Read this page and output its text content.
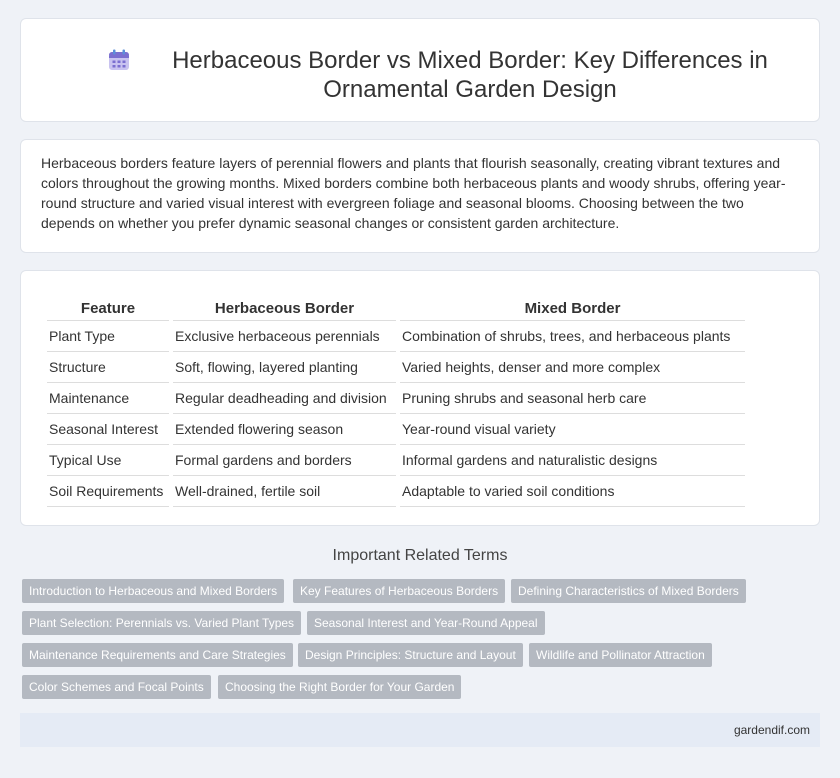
Herbaceous Border vs Mixed Border: Key Differences in Ornamental Garden Design

Herbaceous borders feature layers of perennial flowers and plants that flourish seasonally, creating vibrant textures and colors throughout the growing months. Mixed borders combine both herbaceous plants and woody shrubs, offering year-round structure and varied visual interest with evergreen foliage and seasonal blooms. Choosing between the two depends on whether you prefer dynamic seasonal changes or consistent garden architecture.

Feature	Herbaceous Border	Mixed Border
Plant Type	Exclusive herbaceous perennials	Combination of shrubs, trees, and herbaceous plants
Structure	Soft, flowing, layered planting	Varied heights, denser and more complex
Maintenance	Regular deadheading and division	Pruning shrubs and seasonal herb care
Seasonal Interest	Extended flowering season	Year-round visual variety
Typical Use	Formal gardens and borders	Informal gardens and naturalistic designs
Soil Requirements	Well-drained, fertile soil	Adaptable to varied soil conditions
Important Related Terms
Introduction to Herbaceous and Mixed Borders	Key Features of Herbaceous Borders	Defining Characteristics of Mixed Borders
Plant Selection: Perennials vs. Varied Plant Types	Seasonal Interest and Year-Round Appeal
Maintenance Requirements and Care Strategies	Design Principles: Structure and Layout	Wildlife and Pollinator Attraction
Color Schemes and Focal Points	Choosing the Right Border for Your Garden
gardendif.com
